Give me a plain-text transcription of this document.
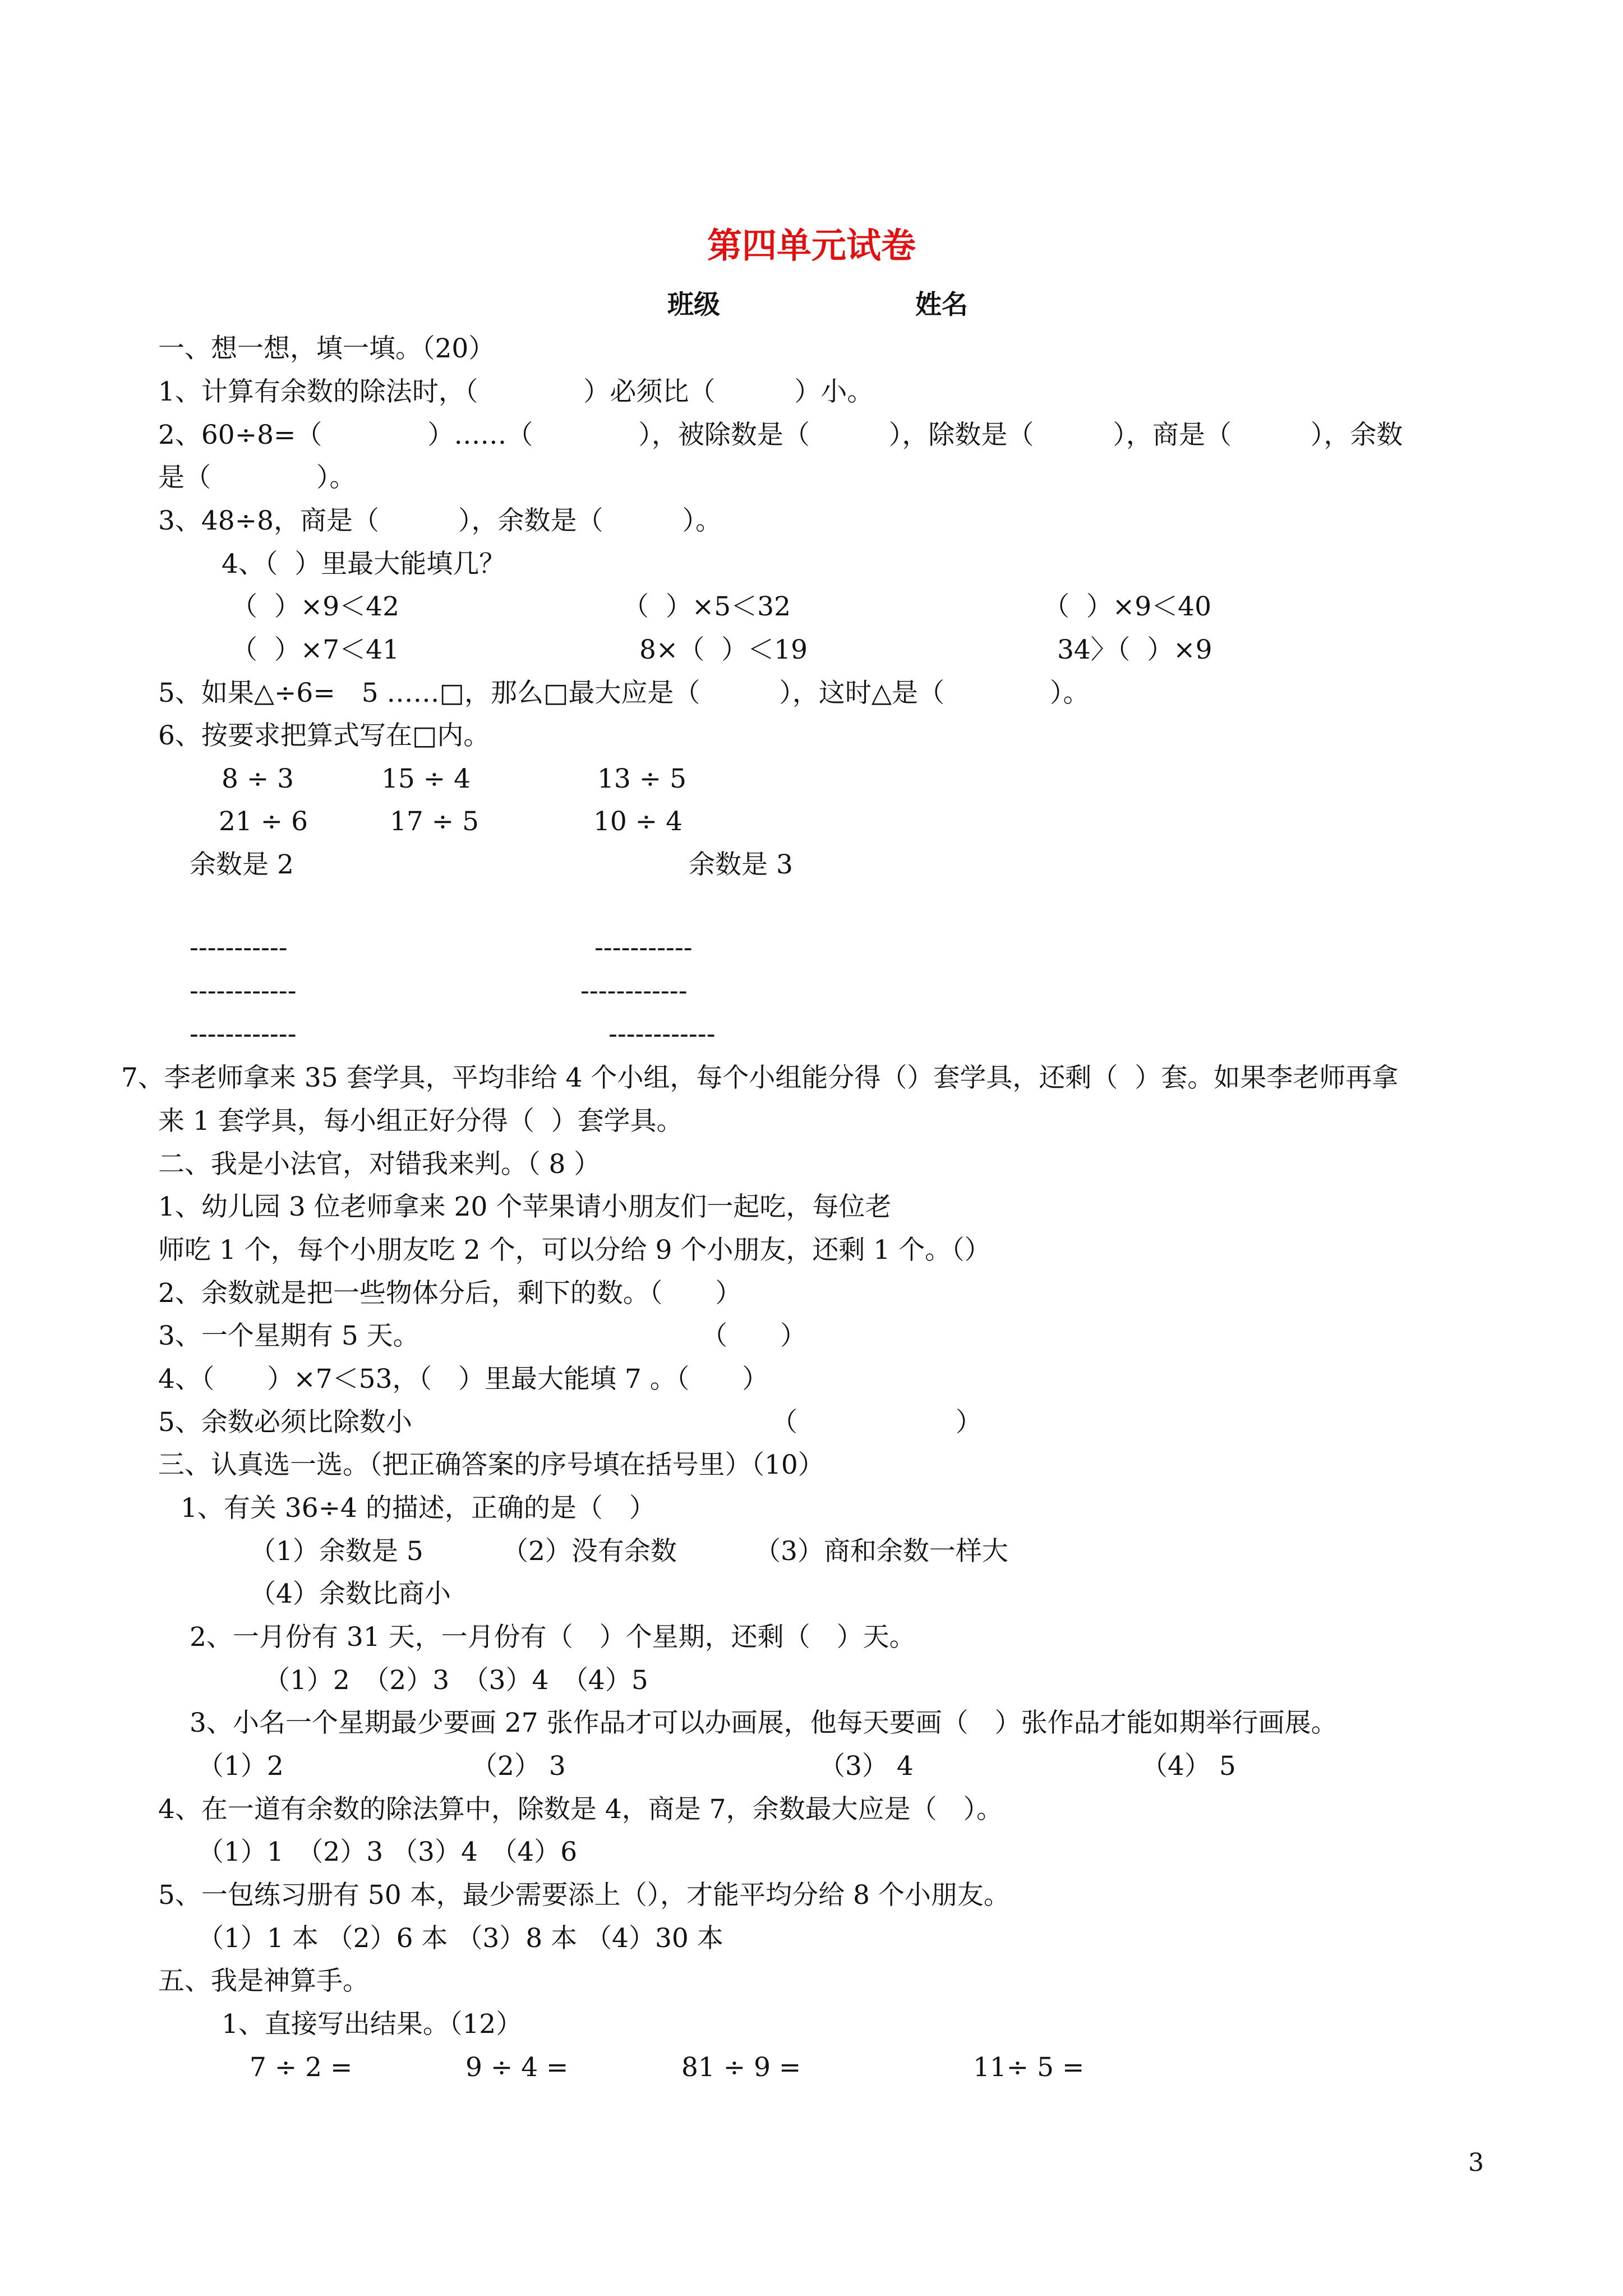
第四单元试卷
班级	姓名
一、想一想，填一填。（20）
1、计算有余数的除法时，（　　　　）必须比（　　　）小。
2、60÷8=（　　　　）……（　　　　），被除数是（　　　），除数是（　　　），商是（　　　），余数
是（　　　　）。
3、48÷8，商是（　　　），余数是（　　　）。
4、（  ）里最大能填几？
（  ）×9＜42	（  ）×5＜32	（  ）×9＜40
（  ）×7＜41	8×（  ）＜19	34〉（  ）×9
5、如果△÷6=　5 ……□，那么□最大应是（　　　），这时△是（　　　　）。
6、按要求把算式写在□内。
8 ÷ 3	15 ÷ 4	13 ÷ 5
21 ÷ 6	17 ÷ 5	10 ÷ 4
余数是 2	余数是 3
-----------	-----------
------------	------------
------------	------------
7、李老师拿来 35 套学具，平均非给 4 个小组，每个小组能分得（）套学具，还剩（  ）套。如果李老师再拿
来 1 套学具，每小组正好分得（  ）套学具。
二、我是小法官，对错我来判。（ 8 ）
1、幼儿园 3 位老师拿来 20 个苹果请小朋友们一起吃，每位老
师吃 1 个，每个小朋友吃 2 个，可以分给 9 个小朋友，还剩 1 个。（）
2、余数就是把一些物体分后，剩下的数。（　　）
3、一个星期有 5 天。	（　　）
4、（　　）×7＜53，（　）里最大能填 7 。（　　）
5、余数必须比除数小	（　　　　　　）
三、认真选一选。（把正确答案的序号填在括号里）（10）
1、有关 36÷4 的描述，正确的是（　）
（1）余数是 5	（2）没有余数	（3）商和余数一样大
（4）余数比商小
2、一月份有 31 天，一月份有（　）个星期，还剩（　）天。
（1）2　（2）3　（3）4　（4）5
3、小名一个星期最少要画 27 张作品才可以办画展，他每天要画（　）张作品才能如期举行画展。
（1）2	（2） 3	（3） 4	（4） 5
4、在一道有余数的除法算中，除数是 4，商是 7，余数最大应是（　）。
（1）1　（2）3 （3）4　（4）6
5、一包练习册有 50 本，最少需要添上（），才能平均分给 8 个小朋友。
（1）1 本 （2）6 本 （3）8 本 （4）30 本
五、我是神算手。
1、直接写出结果。（12）
7 ÷ 2 =	9 ÷ 4 =	81 ÷ 9 =	11÷ 5 =
3
